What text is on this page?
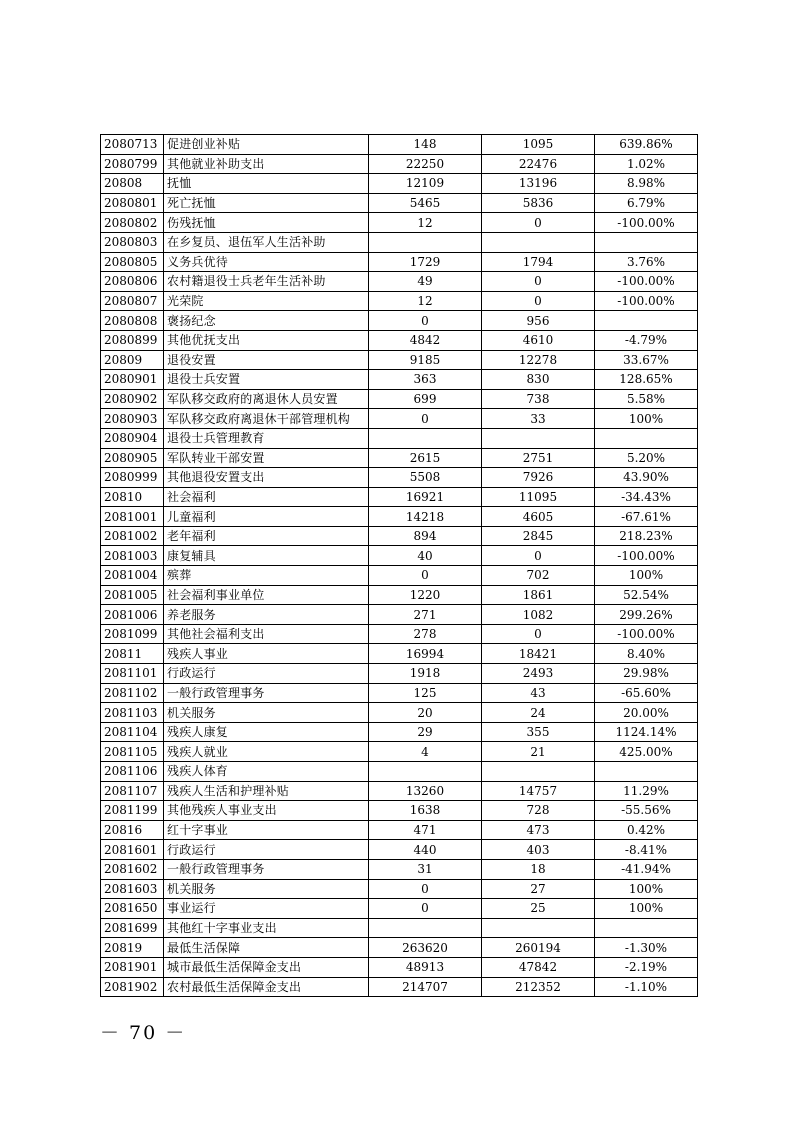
2080713	促进创业补贴	148	1095	639.86%
2080799	其他就业补助支出	22250	22476	1.02%
20808	抚恤	12109	13196	8.98%
2080801	死亡抚恤	5465	5836	6.79%
2080802	伤残抚恤	12	0	-100.00%
2080803	在乡复员、退伍军人生活补助			
2080805	义务兵优待	1729	1794	3.76%
2080806	农村籍退役士兵老年生活补助	49	0	-100.00%
2080807	光荣院	12	0	-100.00%
2080808	褒扬纪念	0	956	
2080899	其他优抚支出	4842	4610	-4.79%
20809	退役安置	9185	12278	33.67%
2080901	退役士兵安置	363	830	128.65%
2080902	军队移交政府的离退休人员安置	699	738	5.58%
2080903	军队移交政府离退休干部管理机构	0	33	100%
2080904	退役士兵管理教育			
2080905	军队转业干部安置	2615	2751	5.20%
2080999	其他退役安置支出	5508	7926	43.90%
20810	社会福利	16921	11095	-34.43%
2081001	儿童福利	14218	4605	-67.61%
2081002	老年福利	894	2845	218.23%
2081003	康复辅具	40	0	-100.00%
2081004	殡葬	0	702	100%
2081005	社会福利事业单位	1220	1861	52.54%
2081006	养老服务	271	1082	299.26%
2081099	其他社会福利支出	278	0	-100.00%
20811	残疾人事业	16994	18421	8.40%
2081101	行政运行	1918	2493	29.98%
2081102	一般行政管理事务	125	43	-65.60%
2081103	机关服务	20	24	20.00%
2081104	残疾人康复	29	355	1124.14%
2081105	残疾人就业	4	21	425.00%
2081106	残疾人体育			
2081107	残疾人生活和护理补贴	13260	14757	11.29%
2081199	其他残疾人事业支出	1638	728	-55.56%
20816	红十字事业	471	473	0.42%
2081601	行政运行	440	403	-8.41%
2081602	一般行政管理事务	31	18	-41.94%
2081603	机关服务	0	27	100%
2081650	事业运行	0	25	100%
2081699	其他红十字事业支出			
20819	最低生活保障	263620	260194	-1.30%
2081901	城市最低生活保障金支出	48913	47842	-2.19%
2081902	农村最低生活保障金支出	214707	212352	-1.10%
－ 70 －
